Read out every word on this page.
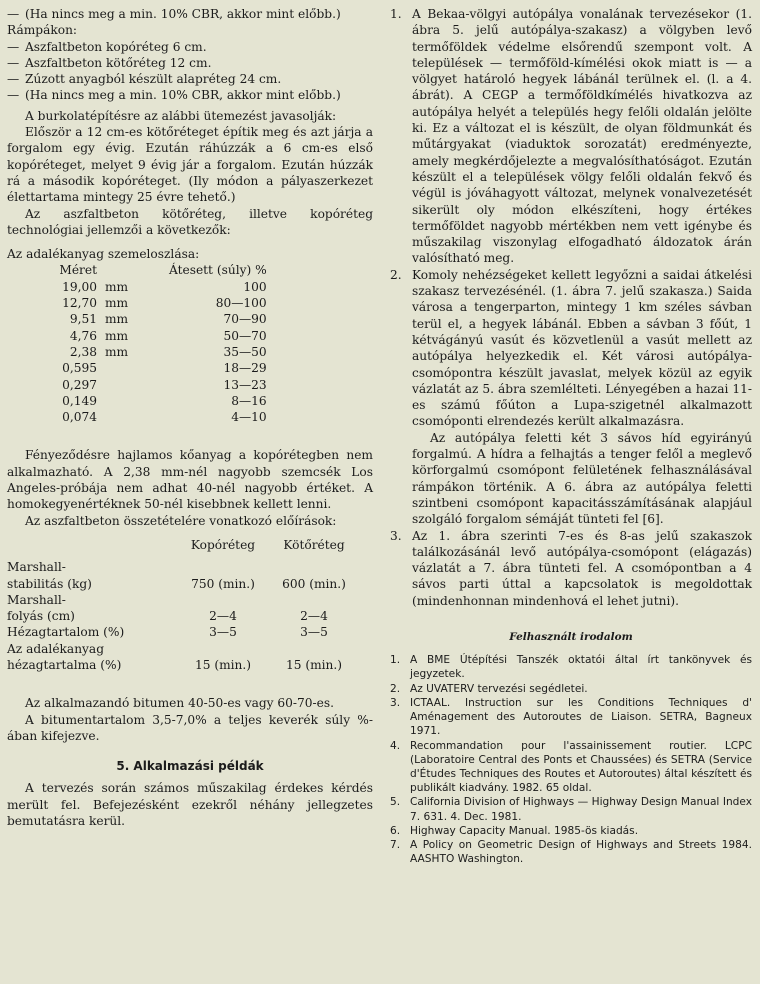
— (Ha nincs meg a min. 10% CBR, akkor mint előbb.)

Rámpákon:

— Aszfaltbeton kopóréteg 6 cm.
— Aszfaltbeton kötőréteg 12 cm.
— Zúzott anyagból készült alapréteg 24 cm.
— (Ha nincs meg a min. 10% CBR, akkor mint előbb.)

A burkolatépítésre az alábbi ütemezést javasolják:

Először a 12 cm-es kötőréteget építik meg és azt járja a forgalom egy évig. Ezután ráhúzzák a 6 cm-es első kopóréteget, melyet 9 évig jár a forgalom. Ezután húzzák rá a második kopóréteget. (Ily módon a pályaszerkezet élettartama mintegy 25 évre tehető.)

Az aszfaltbeton kötőréteg, illetve kopóréteg technológiai jellemzői a következők:

Az adalékanyag szemeloszlása:

Méret		Átesett (súly) %
19,00	mm	100
12,70	mm	80—100
9,51	mm	70—90
4,76	mm	50—70
2,38	mm	35—50
0,595		18—29
0,297		13—23
0,149		8—16
0,074		4—10

Fényeződésre hajlamos kőanyag a kopórétegben nem alkalmazható. A 2,38 mm-nél nagyobb szemcsék Los Angeles-próbája nem adhat 40-nél nagyobb értéket. A homokegyenértéknek 50-nél kisebbnek kellett lenni.

Az aszfaltbeton összetételére vonatkozó előírások:

	Kopóréteg	Kötőréteg

Marshall-		
stabilitás (kg)	750 (min.)	600 (min.)
Marshall-		
folyás (cm)	2—4	2—4
Hézagtartalom (%)	3—5	3—5
Az adalékanyag		
hézagtartalma (%)	15 (min.)	15 (min.)

Az alkalmazandó bitumen 40-50-es vagy 60-70-es.

A bitumentartalom 3,5-7,0% a teljes keverék súly %-ában kifejezve.

5. Alkalmazási példák

A tervezés során számos műszakilag érdekes kérdés merült fel. Befejezésként ezekről néhány jellegzetes bemutatásra kerül.

1. A Bekaa-völgyi autópálya vonalának tervezésekor (1. ábra 5. jelű autópálya-szakasz) a völgyben levő termőföldek védelme elsőrendű szempont volt. A települések — termőföld-kímélési okok miatt is — a völgyet határoló hegyek lábánál terülnek el. (l. a 4. ábrát). A CEGP a termőföldkímélés hivatkozva az autópálya helyét a település hegy felőli oldalán jelölte ki. Ez a változat el is készült, de olyan földmunkát és műtárgyakat (viaduktok sorozatát) eredményezte, amely megkérdőjelezte a megvalósíthatóságot. Ezután készült el a települések völgy felőli oldalán fekvő és végül is jóváhagyott változat, melynek vonalvezetését sikerült oly módon elkészíteni, hogy értékes termőföldet nagyobb mértékben nem vett igénybe és műszakilag viszonylag elfogadható áldozatok árán valósítható meg.
2. Komoly nehézségeket kellett legyőzni a saidai átkelési szakasz tervezésénél. (1. ábra 7. jelű szakasza.) Saida városa a tengerparton, mintegy 1 km széles sávban terül el, a hegyek lábánál. Ebben a sávban 3 főút, 1 kétvágányú vasút és közvetlenül a vasút mellett az autópálya helyezkedik el. Két városi autópálya-csomópontra készült javaslat, melyek közül az egyik vázlatát az 5. ábra szemlélteti. Lényegében a hazai 11-es számú főúton a Lupa-szigetnél alkalmazott csomóponti elrendezés került alkalmazásra.

Az autópálya feletti két 3 sávos híd egyirányú forgalmú. A hídra a felhajtás a tenger felől a meglevő körforgalmú csomópont felületének felhasználásával rámpákon történik. A 6. ábra az autópálya feletti szintbeni csomópont kapacitásszámításának alapjául szolgáló forgalom sémáját tünteti fel [6].

3. Az 1. ábra szerinti 7-es és 8-as jelű szakaszok találkozásánál levő autópálya-csomópont (elágazás) vázlatát a 7. ábra tünteti fel. A csomópontban a 4 sávos parti úttal a kapcsolatok is megoldottak (mindenhonnan mindenhová el lehet jutni).

Felhasznált irodalom

1. A BME Útépítési Tanszék oktatói által írt tankönyvek és jegyzetek.
2. Az UVATERV tervezési segédletei.
3. ICTAAL. Instruction sur les Conditions Techniques d' Aménagement des Autoroutes de Liaison. SETRA, Bagneux 1971.
4. Recommandation pour l'assainissement routier. LCPC (Laboratoire Central des Ponts et Chaussées) és SETRA (Service d'Études Techniques des Routes et Autoroutes) által készített és publikált kiadvány. 1982. 65 oldal.
5. California Division of Highways — Highway Design Manual Index 7. 631. 4. Dec. 1981.
6. Highway Capacity Manual. 1985-ös kiadás.
7. A Policy on Geometric Design of Highways and Streets 1984. AASHTO Washington.
